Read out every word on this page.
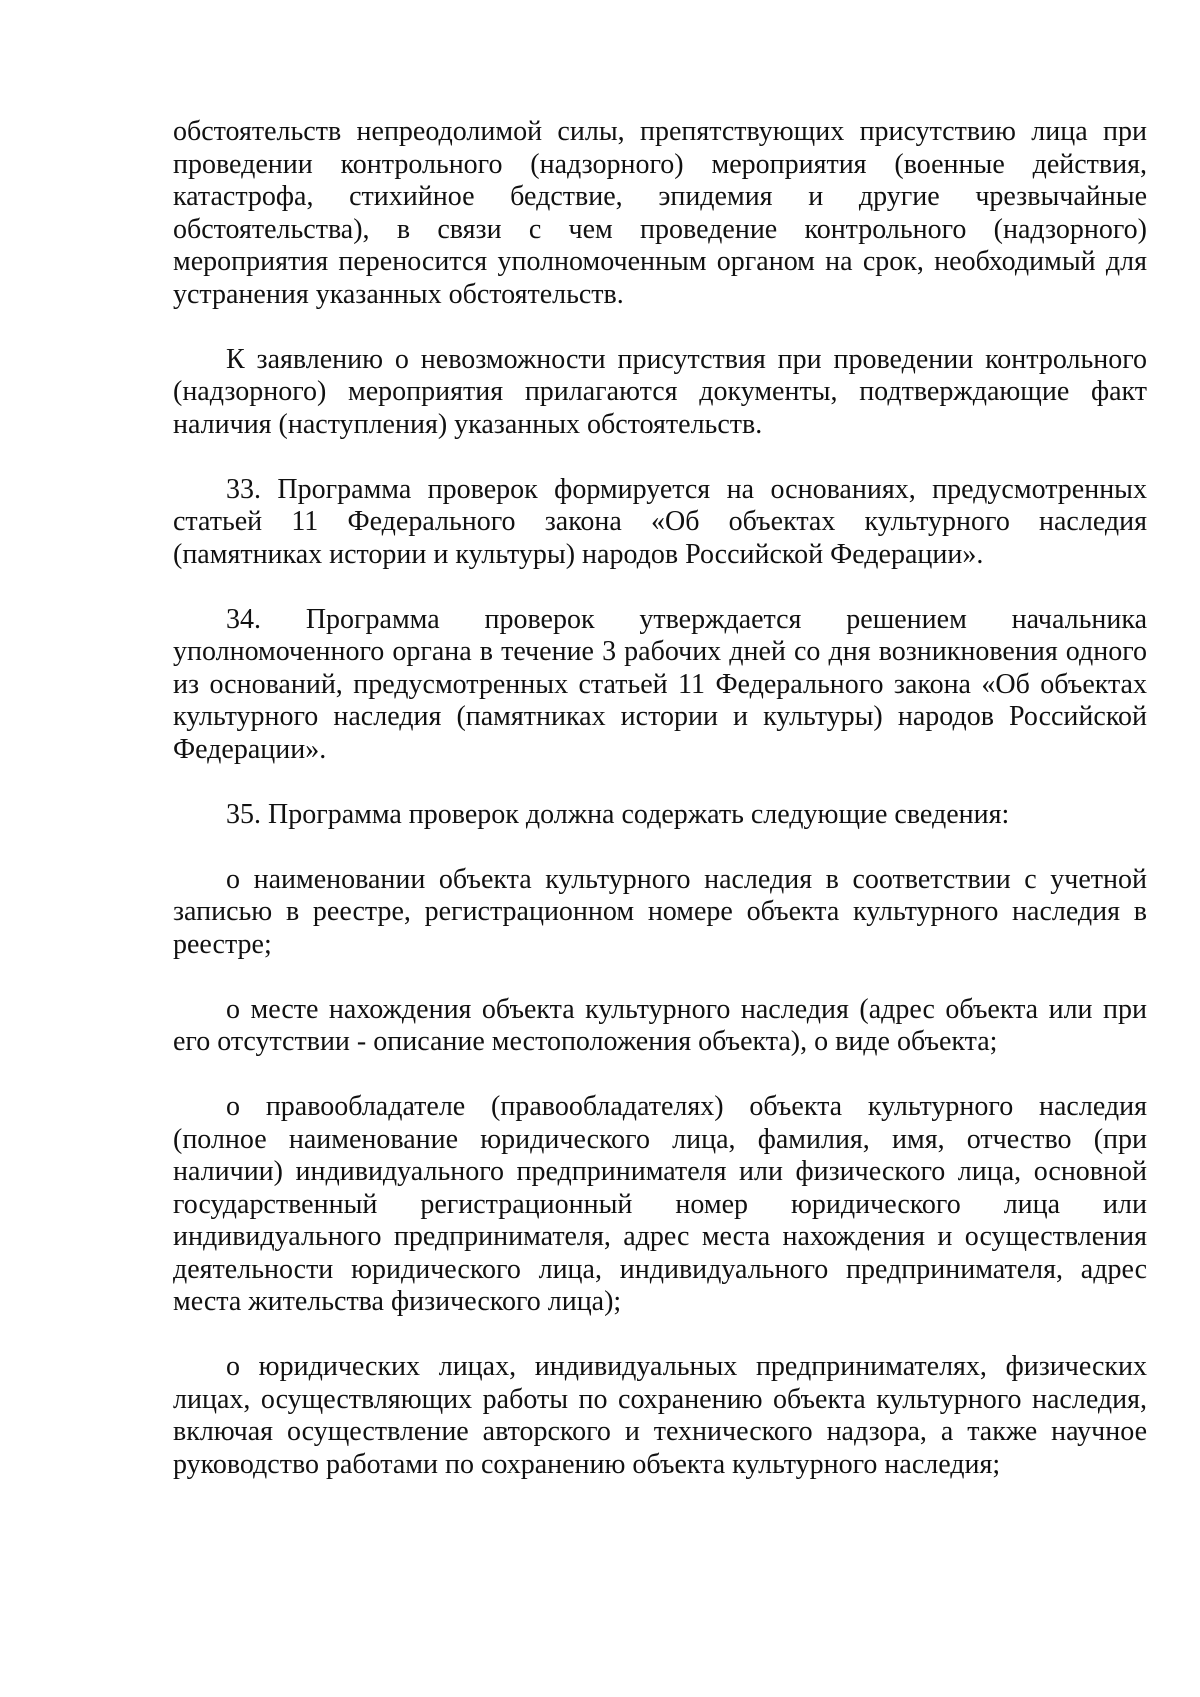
обстоятельств непреодолимой силы, препятствующих присутствию лица при проведении контрольного (надзорного) мероприятия (военные действия, катастрофа, стихийное бедствие, эпидемия и другие чрезвычайные обстоятельства), в связи с чем проведение контрольного (надзорного) мероприятия переносится уполномоченным органом на срок, необходимый для устранения указанных обстоятельств.

К заявлению о невозможности присутствия при проведении контрольного (надзорного) мероприятия прилагаются документы, подтверждающие факт наличия (наступления) указанных обстоятельств.

33. Программа проверок формируется на основаниях, предусмотренных статьей 11 Федерального закона «Об объектах культурного наследия (памятниках истории и культуры) народов Российской Федерации».

34. Программа проверок утверждается решением начальника уполномоченного органа в течение 3 рабочих дней со дня возникновения одного из оснований, предусмотренных статьей 11 Федерального закона «Об объектах культурного наследия (памятниках истории и культуры) народов Российской Федерации».

35. Программа проверок должна содержать следующие сведения:

о наименовании объекта культурного наследия в соответствии с учетной записью в реестре, регистрационном номере объекта культурного наследия в реестре;

о месте нахождения объекта культурного наследия (адрес объекта или при его отсутствии - описание местоположения объекта), о виде объекта;

о правообладателе (правообладателях) объекта культурного наследия (полное наименование юридического лица, фамилия, имя, отчество (при наличии) индивидуального предпринимателя или физического лица, основной государственный регистрационный номер юридического лица или индивидуального предпринимателя, адрес места нахождения и осуществления деятельности юридического лица, индивидуального предпринимателя, адрес места жительства физического лица);

о юридических лицах, индивидуальных предпринимателях, физических лицах, осуществляющих работы по сохранению объекта культурного наследия, включая осуществление авторского и технического надзора, а также научное руководство работами по сохранению объекта культурного наследия;
